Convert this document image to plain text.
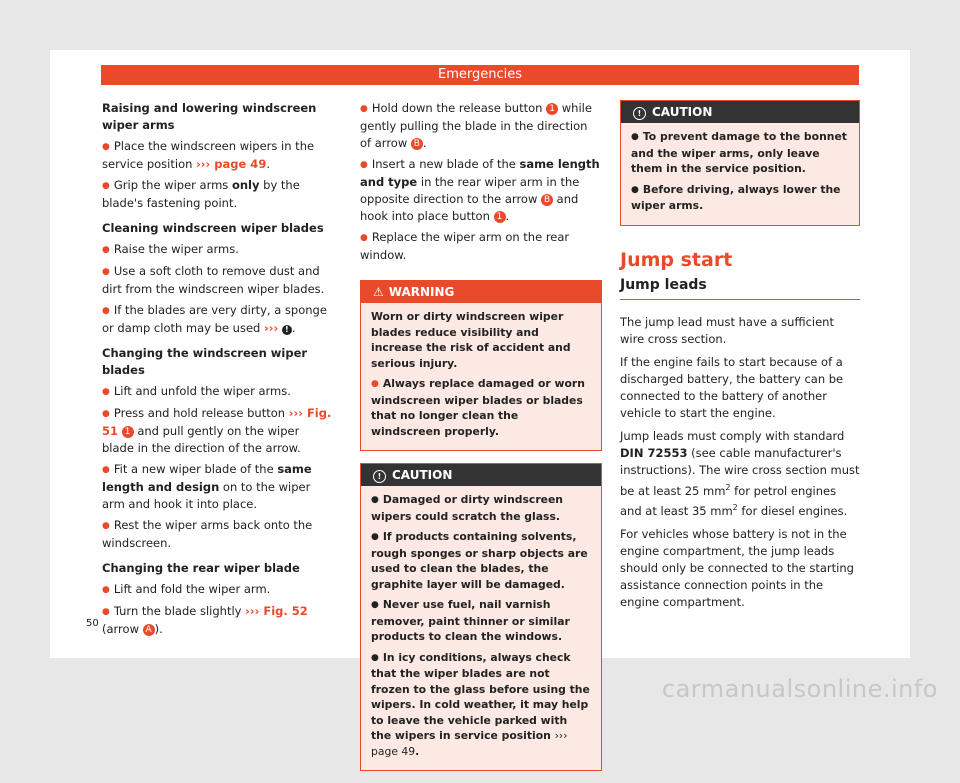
Emergencies

Raising and lowering windscreen wiper arms

● Place the windscreen wipers in the service position ››› page 49.

● Grip the wiper arms only by the blade's fastening point.

Cleaning windscreen wiper blades

● Raise the wiper arms.

● Use a soft cloth to remove dust and dirt from the windscreen wiper blades.

● If the blades are very dirty, a sponge or damp cloth may be used ››› ! .

Changing the windscreen wiper blades

● Lift and unfold the wiper arms.

● Press and hold release button ››› Fig. 51 1 and pull gently on the wiper blade in the direction of the arrow.

● Fit a new wiper blade of the same length and design on to the wiper arm and hook it into place.

● Rest the wiper arms back onto the windscreen.

Changing the rear wiper blade

● Lift and fold the wiper arm.

● Turn the blade slightly ››› Fig. 52 (arrow A ).

● Hold down the release button 1 while gently pulling the blade in the direction of arrow B .

● Insert a new blade of the same length and type in the rear wiper arm in the opposite direction to the arrow B and hook into place button 1 .

● Replace the wiper arm on the rear window.

⚠ WARNING

Worn or dirty windscreen wiper blades reduce visibility and increase the risk of accident and serious injury.

● Always replace damaged or worn windscreen wiper blades or blades that no longer clean the windscreen properly.

! CAUTION

● Damaged or dirty windscreen wipers could scratch the glass.

● If products containing solvents, rough sponges or sharp objects are used to clean the blades, the graphite layer will be damaged.

● Never use fuel, nail varnish remover, paint thinner or similar products to clean the windows.

● In icy conditions, always check that the wiper blades are not frozen to the glass before using the wipers. In cold weather, it may help to leave the vehicle parked with the wipers in service position ››› page 49.

! CAUTION

● To prevent damage to the bonnet and the wiper arms, only leave them in the service position.

● Before driving, always lower the wiper arms.

Jump start
Jump leads

The jump lead must have a sufficient wire cross section.

If the engine fails to start because of a discharged battery, the battery can be connected to the battery of another vehicle to start the engine.

Jump leads must comply with standard DIN 72553 (see cable manufacturer's instructions). The wire cross section must be at least 25 $mm^2$ for petrol engines and at least 35 $mm^2$ for diesel engines.

For vehicles whose battery is not in the engine compartment, the jump leads should only be connected to the starting assistance connection points in the engine compartment.

50
carmanualsonline.info
